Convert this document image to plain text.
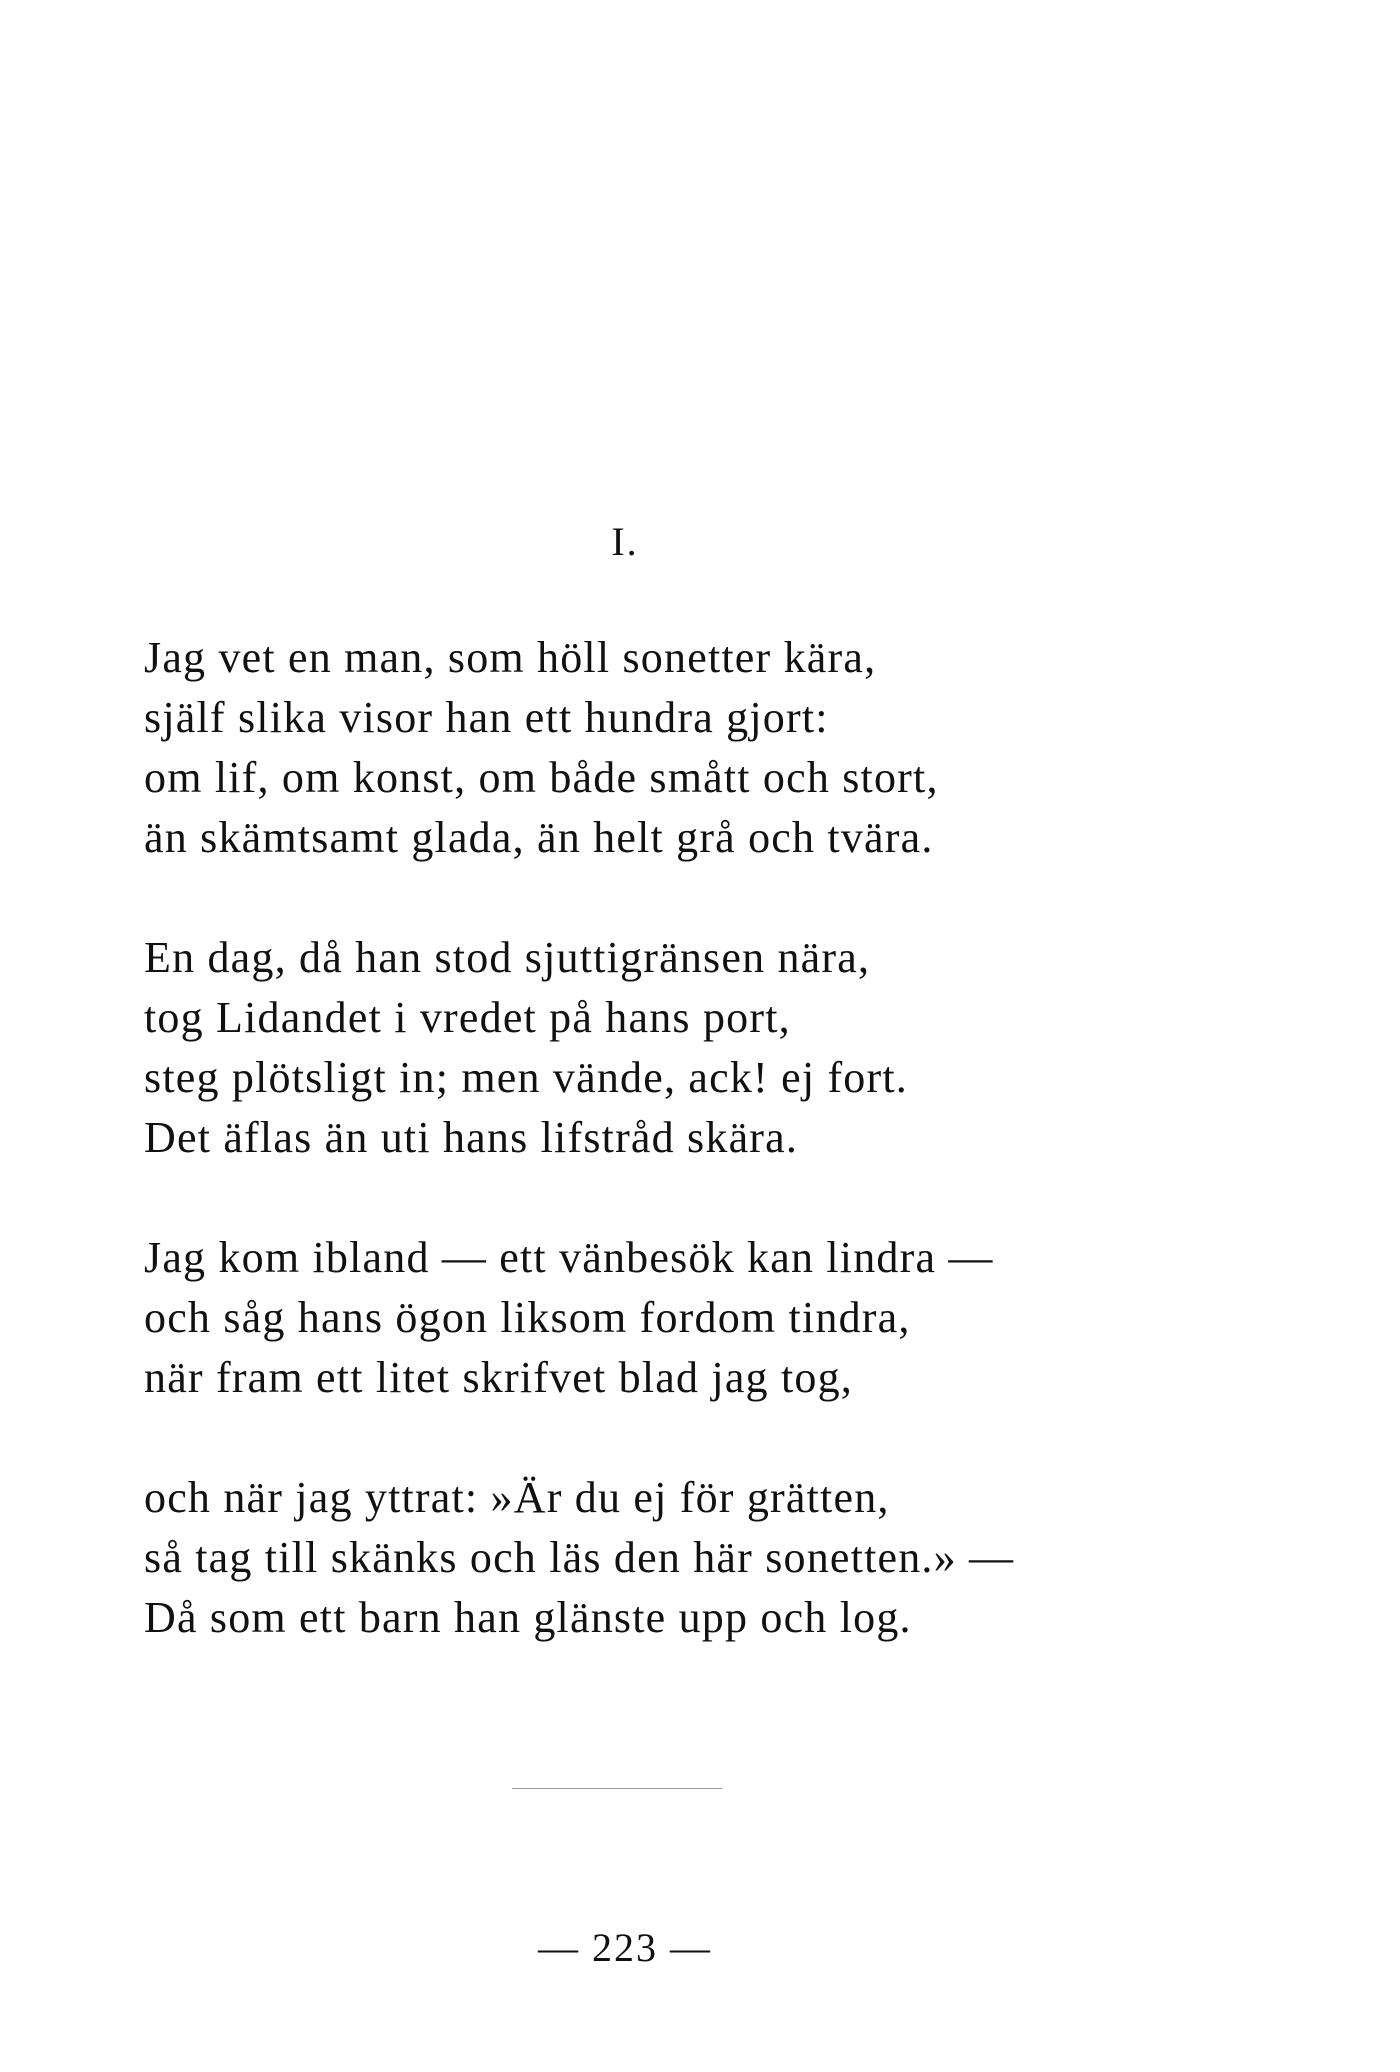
I.
Jag vet en man, som höll sonetter kära,
själf slika visor han ett hundra gjort:
om lif, om konst, om både smått och stort,
än skämtsamt glada, än helt grå och tvära.
En dag, då han stod sjuttigränsen nära,
tog Lidandet i vredet på hans port,
steg plötsligt in; men vände, ack! ej fort.
Det äflas än uti hans lifstråd skära.
Jag kom ibland — ett vänbesök kan lindra —
och såg hans ögon liksom fordom tindra,
när fram ett litet skrifvet blad jag tog,
och när jag yttrat: »Är du ej för grätten,
så tag till skänks och läs den här sonetten.» —
Då som ett barn han glänste upp och log.
— 223 —
